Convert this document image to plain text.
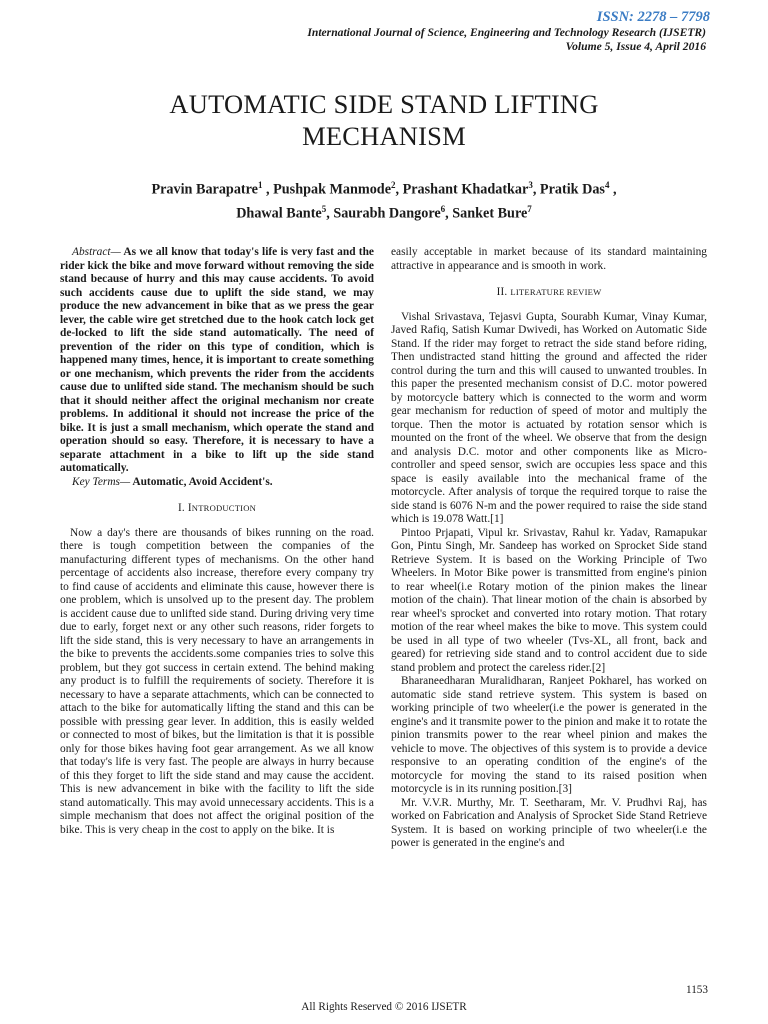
ISSN: 2278 – 7798
International Journal of Science, Engineering and Technology Research (IJSETR)
Volume 5, Issue 4, April 2016
AUTOMATIC SIDE STAND LIFTING
MECHANISM
Pravin Barapatre$^1$ , Pushpak Manmode$^2$, Prashant Khadatkar$^3$, Pratik Das$^4$ ,
Dhawal Bante$^5$, Saurabh Dangore$^6$, Sanket Bure$^7$

Abstract— As we all know that today's life is very fast and the rider kick the bike and move forward without removing the side stand because of hurry and this may cause accidents. To avoid such accidents cause due to uplift the side stand, we may produce the new advancement in bike that as we press the gear lever, the cable wire get stretched due to the hook catch lock get de-locked to lift the side stand automatically. The need of prevention of the rider on this type of condition, which is happened many times, hence, it is important to create something or one mechanism, which prevents the rider from the accidents cause due to unlifted side stand. The mechanism should be such that it should neither affect the original mechanism nor create problems. In additional it should not increase the price of the bike. It is just a small mechanism, which operate the stand and operation should so easy. Therefore, it is necessary to have a separate attachment in a bike to lift up the side stand automatically.

Key Terms— Automatic, Avoid Accident's.

I. INTRODUCTION

Now a day's there are thousands of bikes running on the road. there is tough competition between the companies of the manufacturing different types of mechanisms. On the other hand percentage of accidents also increase, therefore every company try to find cause of accidents and eliminate this cause, however there is one problem, which is unsolved up to the present day. The problem is accident cause due to unlifted side stand. During driving very time due to early, forget next or any other such reasons, rider forgets to lift the side stand, this is very necessary to have an arrangements in the bike to prevents the accidents.some companies tries to solve this problem, but they got success in certain extend. The behind making any product is to fulfill the requirements of society. Therefore it is necessary to have a separate attachments, which can be connected to attach to the bike for automatically lifting the stand and this can be possible with pressing gear lever. In addition, this is easily welded or connected to most of bikes, but the limitation is that it is possible only for those bikes having foot gear arrangement. As we all know that today's life is very fast. The people are always in hurry because of this they forget to lift the side stand and may cause the accident. This is new advancement in bike with the facility to lift the side stand automatically. This may avoid unnecessary accidents. This is a simple mechanism that does not affect the original position of the bike. This is very cheap in the cost to apply on the bike. It is

easily acceptable in market because of its standard maintaining attractive in appearance and is smooth in work.

II. LITERATURE REVIEW

Vishal Srivastava, Tejasvi Gupta, Sourabh Kumar, Vinay Kumar, Javed Rafiq, Satish Kumar Dwivedi, has Worked on Automatic Side Stand. If the rider may forget to retract the side stand before riding, Then undistracted stand hitting the ground and affected the rider control during the turn and this will caused to unwanted troubles. In this paper the presented mechanism consist of D.C. motor powered by motorcycle battery which is connected to the worm and worm gear mechanism for reduction of speed of motor and multiply the torque. Then the motor is actuated by rotation sensor which is mounted on the front of the wheel. We observe that from the design and analysis D.C. motor and other components like as Micro-controller and speed sensor, swich are occupies less space and this space is easily available into the mechanical frame of the motorcycle. After analysis of torque the required torque to raise the side stand is 6076 N-m and the power required to raise the side stand which is 19.078 Watt.[1]

Pintoo Prjapati, Vipul kr. Srivastav, Rahul kr. Yadav, Ramapukar Gon, Pintu Singh, Mr. Sandeep has worked on Sprocket Side stand Retrieve System. It is based on the Working Principle of Two Wheelers. In Motor Bike power is transmitted from engine's pinion to rear wheel(i.e Rotary motion of the pinion makes the linear motion of the chain). That linear motion of the chain is absorbed by rear wheel's sprocket and converted into rotary motion. That rotary motion of the rear wheel makes the bike to move. This system could be used in all type of two wheeler (Tvs-XL, all front, back and geared) for retrieving side stand and to control accident due to side stand problem and protect the careless rider.[2]

Bharaneedharan Muralidharan, Ranjeet Pokharel, has worked on automatic side stand retrieve system. This system is based on working principle of two wheeler(i.e the power is generated in the engine's and it transmite power to the pinion and make it to rotate the pinion transmits power to the rear wheel pinion and makes the vehicle to move. The objectives of this system is to provide a device responsive to an operating condition of the engine's of the motorcycle for moving the stand to its raised position when motorcycle is in its running position.[3]

Mr. V.V.R. Murthy, Mr. T. Seetharam, Mr. V. Prudhvi Raj, has worked on Fabrication and Analysis of Sprocket Side Stand Retrieve System. It is based on working principle of two wheeler(i.e the power is generated in the engine's and

1153
All Rights Reserved © 2016 IJSETR
